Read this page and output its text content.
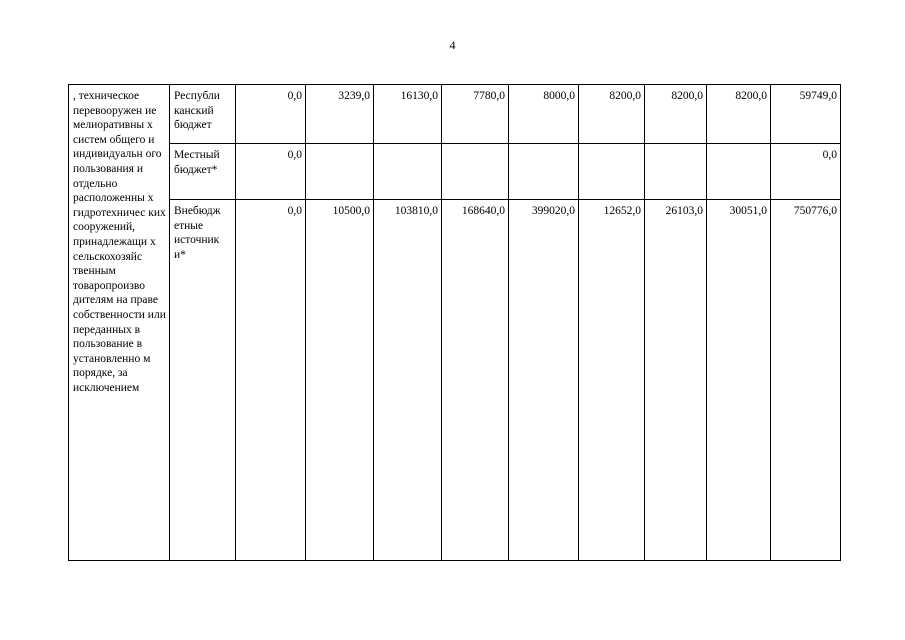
4
, техническое перевооружен ие мелиоративны х систем общего и индивидуальн ого пользования и отдельно расположенны х гидротехничес ких сооружений, принадлежащи х сельскохозяйс твенным товаропроизво дителям на праве собственности или переданных в пользование в установленно м порядке, за исключением	Республи канский бюджет	0,0	3239,0	16130,0	7780,0	8000,0	8200,0	8200,0	8200,0	59749,0
	Местный бюджет*	0,0								0,0
	Внебюдж етные источник и*	0,0	10500,0	103810,0	168640,0	399020,0	12652,0	26103,0	30051,0	750776,0
